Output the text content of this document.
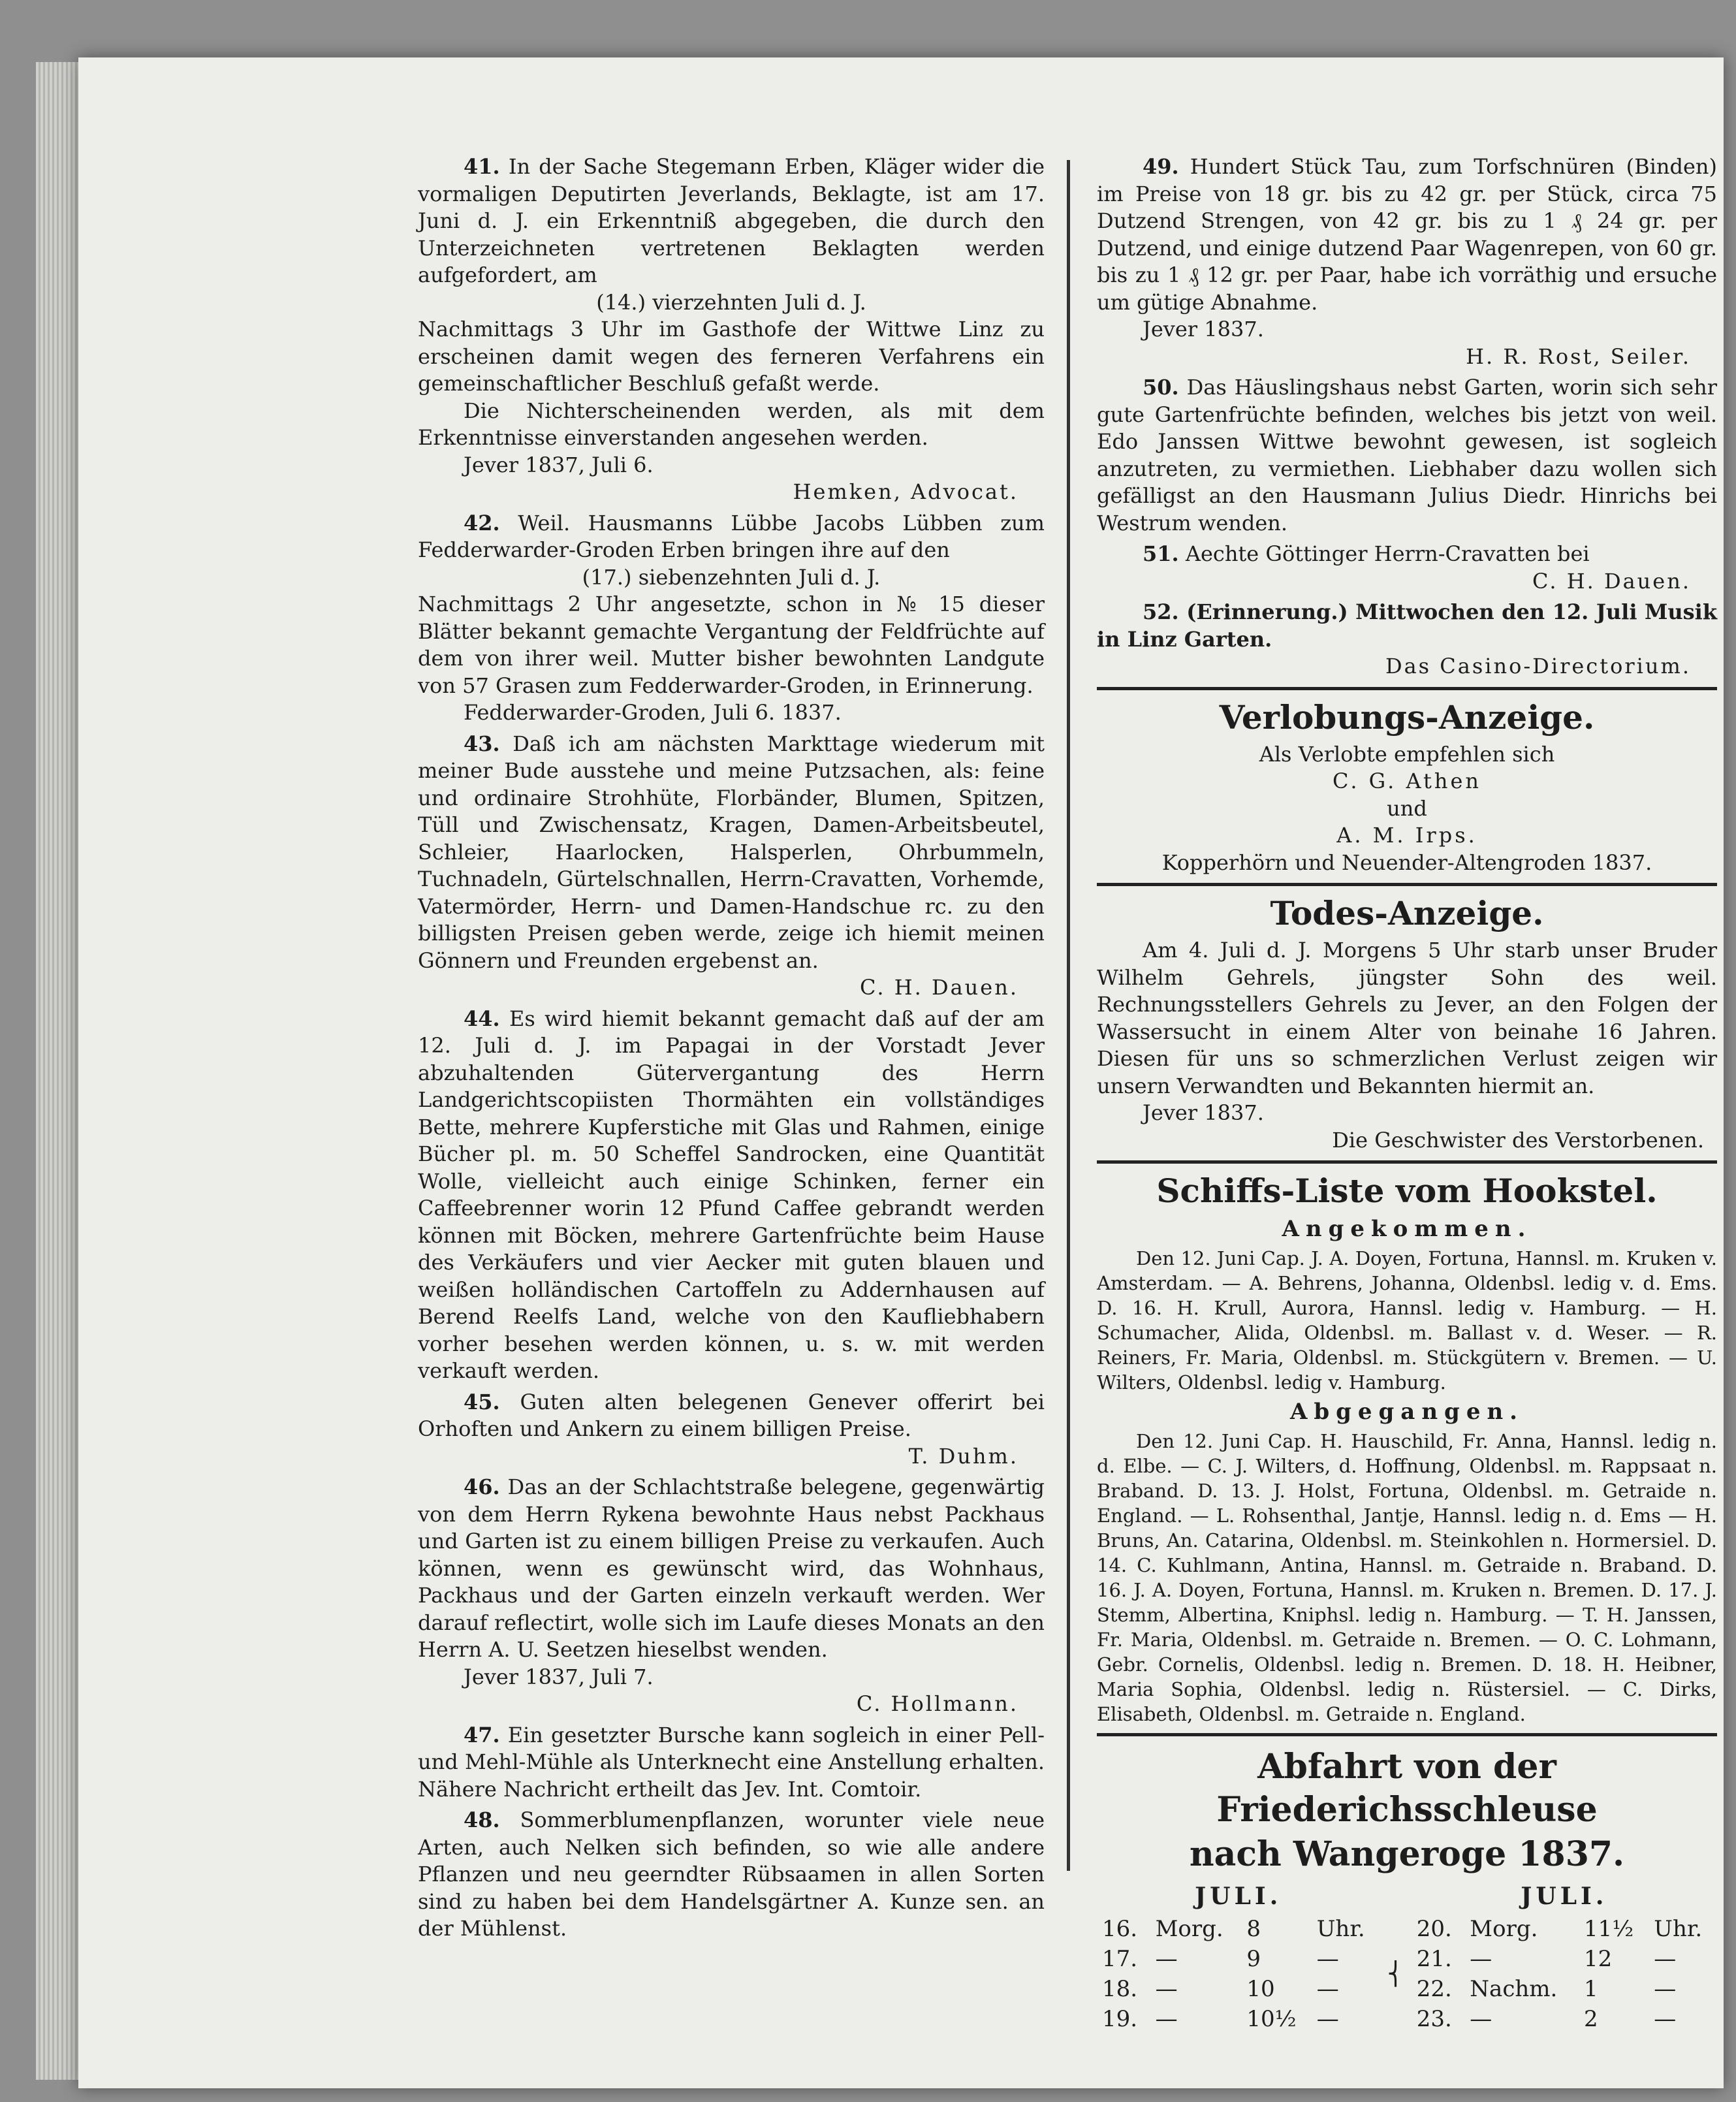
41. In der Sache Stegemann Erben, Kläger wider die vormaligen Deputirten Jeverlands, Beklagte, ist am 17. Juni d. J. ein Erkenntniß abgegeben, die durch den Unterzeichneten vertretenen Beklagten werden aufgefordert, am

(14.) vierzehnten Juli d. J.

Nachmittags 3 Uhr im Gasthofe der Wittwe Linz zu erscheinen damit wegen des ferneren Verfahrens ein gemeinschaftlicher Beschluß gefaßt werde.

Die Nichterscheinenden werden, als mit dem Erkenntnisse einverstanden angesehen werden.

Jever 1837, Juli 6.

Hemken, Advocat.

42. Weil. Hausmanns Lübbe Jacobs Lübben zum Fedderwarder-Groden Erben bringen ihre auf den

(17.) siebenzehnten Juli d. J.

Nachmittags 2 Uhr angesetzte, schon in № 15 dieser Blätter bekannt gemachte Vergantung der Feldfrüchte auf dem von ihrer weil. Mutter bisher bewohnten Landgute von 57 Grasen zum Fedderwarder-Groden, in Erinnerung.

Fedderwarder-Groden, Juli 6. 1837.

43. Daß ich am nächsten Markttage wiederum mit meiner Bude ausstehe und meine Putzsachen, als: feine und ordinaire Strohhüte, Florbänder, Blumen, Spitzen, Tüll und Zwischensatz, Kragen, Damen-Arbeitsbeutel, Schleier, Haarlocken, Halsperlen, Ohrbummeln, Tuchnadeln, Gürtelschnallen, Herrn-Cravatten, Vorhemde, Vatermörder, Herrn- und Damen-Handschue rc. zu den billigsten Preisen geben werde, zeige ich hiemit meinen Gönnern und Freunden ergebenst an.

C. H. Dauen.

44. Es wird hiemit bekannt gemacht daß auf der am 12. Juli d. J. im Papagai in der Vorstadt Jever abzuhaltenden Gütervergantung des Herrn Landgerichtscopiisten Thormähten ein vollständiges Bette, mehrere Kupferstiche mit Glas und Rahmen, einige Bücher pl. m. 50 Scheffel Sandrocken, eine Quantität Wolle, vielleicht auch einige Schinken, ferner ein Caffeebrenner worin 12 Pfund Caffee gebrandt werden können mit Böcken, mehrere Gartenfrüchte beim Hause des Verkäufers und vier Aecker mit guten blauen und weißen holländischen Cartoffeln zu Addernhausen auf Berend Reelfs Land, welche von den Kaufliebhabern vorher besehen werden können, u. s. w. mit werden verkauft werden.

45. Guten alten belegenen Genever offerirt bei Orhoften und Ankern zu einem billigen Preise.

T. Duhm.

46. Das an der Schlachtstraße belegene, gegenwärtig von dem Herrn Rykena bewohnte Haus nebst Packhaus und Garten ist zu einem billigen Preise zu verkaufen. Auch können, wenn es gewünscht wird, das Wohnhaus, Packhaus und der Garten einzeln verkauft werden. Wer darauf reflectirt, wolle sich im Laufe dieses Monats an den Herrn A. U. Seetzen hieselbst wenden.

Jever 1837, Juli 7.

C. Hollmann.

47. Ein gesetzter Bursche kann sogleich in einer Pell- und Mehl-Mühle als Unterknecht eine Anstellung erhalten. Nähere Nachricht ertheilt das Jev. Int. Comtoir.

48. Sommerblumenpflanzen, worunter viele neue Arten, auch Nelken sich befinden, so wie alle andere Pflanzen und neu geerndter Rübsaamen in allen Sorten sind zu haben bei dem Handelsgärtner A. Kunze sen. an der Mühlenst.

49. Hundert Stück Tau, zum Torfschnüren (Binden) im Preise von 18 gr. bis zu 42 gr. per Stück, circa 75 Dutzend Strengen, von 42 gr. bis zu 1 ₰ 24 gr. per Dutzend, und einige dutzend Paar Wagenrepen, von 60 gr. bis zu 1 ₰ 12 gr. per Paar, habe ich vorräthig und ersuche um gütige Abnahme.

Jever 1837.

H. R. Rost, Seiler.

50. Das Häuslingshaus nebst Garten, worin sich sehr gute Gartenfrüchte befinden, welches bis jetzt von weil. Edo Janssen Wittwe bewohnt gewesen, ist sogleich anzutreten, zu vermiethen. Liebhaber dazu wollen sich gefälligst an den Hausmann Julius Diedr. Hinrichs bei Westrum wenden.

51. Aechte Göttinger Herrn-Cravatten bei

C. H. Dauen.

52. (Erinnerung.) Mittwochen den 12. Juli Musik in Linz Garten.

Das Casino-Directorium.

Verlobungs-Anzeige.

Als Verlobte empfehlen sich

C. G. Athen

und

A. M. Irps.

Kopperhörn und Neuender-Altengroden 1837.

Todes-Anzeige.

Am 4. Juli d. J. Morgens 5 Uhr starb unser Bruder Wilhelm Gehrels, jüngster Sohn des weil. Rechnungsstellers Gehrels zu Jever, an den Folgen der Wassersucht in einem Alter von beinahe 16 Jahren. Diesen für uns so schmerzlichen Verlust zeigen wir unsern Verwandten und Bekannten hiermit an.

Jever 1837.

Die Geschwister des Verstorbenen.

Schiffs-Liste vom Hookstel.
Angekommen.

Den 12. Juni Cap. J. A. Doyen, Fortuna, Hannsl. m. Kruken v. Amsterdam. — A. Behrens, Johanna, Oldenbsl. ledig v. d. Ems. D. 16. H. Krull, Aurora, Hannsl. ledig v. Hamburg. — H. Schumacher, Alida, Oldenbsl. m. Ballast v. d. Weser. — R. Reiners, Fr. Maria, Oldenbsl. m. Stückgütern v. Bremen. — U. Wilters, Oldenbsl. ledig v. Hamburg.

Abgegangen.

Den 12. Juni Cap. H. Hauschild, Fr. Anna, Hannsl. ledig n. d. Elbe. — C. J. Wilters, d. Hoffnung, Oldenbsl. m. Rappsaat n. Braband. D. 13. J. Holst, Fortuna, Oldenbsl. m. Getraide n. England. — L. Rohsenthal, Jantje, Hannsl. ledig n. d. Ems — H. Bruns, An. Catarina, Oldenbsl. m. Steinkohlen n. Hormersiel. D. 14. C. Kuhlmann, Antina, Hannsl. m. Getraide n. Braband. D. 16. J. A. Doyen, Fortuna, Hannsl. m. Kruken n. Bremen. D. 17. J. Stemm, Albertina, Kniphsl. ledig n. Hamburg. — T. H. Janssen, Fr. Maria, Oldenbsl. m. Getraide n. Bremen. — O. C. Lohmann, Gebr. Cornelis, Oldenbsl. ledig n. Bremen. D. 18. H. Heibner, Maria Sophia, Oldenbsl. ledig n. Rüstersiel. — C. Dirks, Elisabeth, Oldenbsl. m. Getraide n. England.

Abfahrt von der Friederichsschleuse
nach Wangeroge 1837.
JULI.					JULI.			
16.	Morg.	8	Uhr.	⎨	20.	Morg.	11½	Uhr.
17.	—	9	—		21.	—	12	—
18.	—	10	—		22.	Nachm.	1	—
19.	—	10½	—		23.	—	2	—
